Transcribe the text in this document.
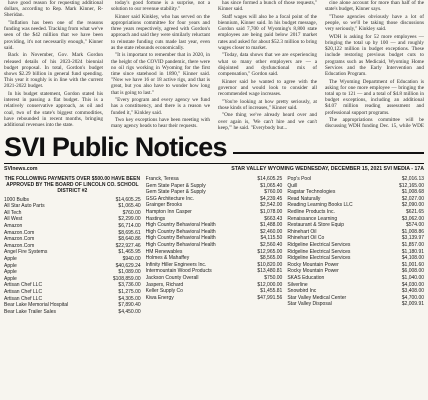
have good reason for requesting additional dollars, according to Rep. Mark Kinner, R-Sheridan.

"Inflation has been one of the reasons funding was needed. Tracking from what we've seen of the $42 million that we have been providing, it's not necessarily enough," Kinner said.

Back in November, Gov. Mark Gordon released details of his 2023-2024 biennial budget proposal. In total, Gordon's budget shows $2.29 billion in general fund spending. This year it roughly is in line with the current 2021-2022 budget.

In his budget statement, Gordon stated his interest in passing a flat budget. This is a relatively conservative approach, as oil and coal, two of the state's biggest commodities, have rebounded in recent months, bringing additional revenues into the state.

today's good fortune is a surprise, not a solution to our revenue stability."

Kinner said Kinkley, who has served on the appropriations committee for four years and three years respectively, agreed with Gordon's approach and said they were similarly reluctant to reinstate funding cuts made last year, even as the state rebounds economically.

"It is important to remember that in 2020, in the height of the COVID pandemic, there were no oil rigs working in Wyoming for the first time since statehood in 1890," Kinner said. "Now we have 16 or 18 active rigs, and that is great, but you also have to wonder how long that is going to last."

"Every program and every agency we fund has a constituency, and there is a reason we funded it," Kinkley said.

Two key exceptions have been meeting with many agency heads to hear their requests.

has since formed a bunch of those requests," Kinner said.

Staff wages will also be a focal point of the biennium, Kinner said. In his budget message, Gordon said 7,700 of Wyoming's 8,800 state employees are being paid below 2017 market rates and asked for about $52.3 million to bring wages closer to market.

"Today, data shows that we are experiencing what so many other employers are — a disjointed and dysfunctional mix of compensation," Gordon said.

Kinner said he wanted to agree with the governor and would look to consider all recommended wage increases.

"You're looking at how pretty seriously, at those kinds of increases," Kinner said.

"One thing we've already heard over and over again is, 'We can't hire and we can't keep,'" he said. "Everybody but...

cine alone account for more than half of the state's budget, Kinner says.

"Those agencies obviously have a lot of people, so we'll be taking those discussions very seriously," Kinkley said.

WDH is asking for 52 more employees — bringing the total up by 100 — and roughly $20,122 million in budget exceptions. These include restoring previous budget cuts to programs such as Medicaid, Wyoming Home Services and the Early Intervention and Education Program.

The Wyoming Department of Education is asking for one more employee — bringing the total up to 121 — and a total of $4.8 million in budget exceptions, including an additional $4.07 million reading assessment and professional support programs.

The appropriations committee will be discussing WDH funding Dec. 15, while WDE

SVI Public Notices
SVInews.com	STAR VALLEY WYOMING WEDNESDAY, DECEMBER 15, 2021 SVI MEDIA - 17A
THE FOLLOWING PAYMENTS OVER $500.00 HAVE BEEN
APPROVED BY THE BOARD OF LINCOLN CO. SCHOOL DISTRICT #2
1000 Bulbs	$14,605.25
All Star Auto Parts	$1,065.40
All Tech	$760.00
All West	$2,299.00
Amazon	$6,714.00
Amazon.Com	$8,695.61
Amazon.Com	$8,640.86
Amazon.Com	$22,927.46
Angel Fire Systems	$1,465.95
Apple	$940.00
Apple	$40,629.24
Apple	$1,089.00
Apple	$108,859.00
Artisan Chef LLC	$3,736.00
Artisan Chef LLC	$1,275.00
Artisan Chef LLC	$4,305.00
Bear Lake Memorial Hospital	$7,890.40
Bear Lake Trailer Sales	$4,450.00
Franck, Teresa	$14,605.25
Gem State Paper & Supply	$1,065.40
Gem State Paper & Supply	$760.00
GSG Architecture Inc.	$4,239.45
Grainger Brooks	$2,542.00
Hampton Inn Casper	$1,078.00
Hastings	$663.43
High Country Behavioral Health	$1,488.00
High Country Behavioral Health	$2,460.00
High Country Behavioral Health	$4,115.50
High Country Behavioral Health	$2,560.40
HM Renewables	$12,965.00
Holmes & Mahaffey	$8,565.00
Infinity Hiller Engineers Inc.	$10,820.00
Intermountain Wood Products	$13,480.81
Jackson County Overall	$750.00
Jaspers, Richard	$12,000.00
Keller Supply Co	$1,455.81
Kiwa Energy	$47,991.56
Pop's Pool	$2,016.13
Quill	$12,165.00
Ragstar Technologies	$1,008.68
Read Naturally	$2,027.00
Reading Learning Books LLC	$2,090.00
Redline Products Inc.	$621.65
Renaissance Learning	$3,062.00
Restaurant & Store Equip	$574.00
Rhinehart Oil	$1,008.86
Rhinehart Oil Co	$3,139.97
Ridgeline Electrical Services	$1,857.00
Ridgeline Electrical Services	$1,180.91
Ridgeline Electrical Services	$4,108.00
Rocky Mountain Power	$1,001.60
Rocky Mountain Power	$6,008.00
SKAS Education	$1,040.00
Silverline	$4,030.00
Snowbird Inc	$3,408.00
Star Valley Medical Center	$4,700.00
Star Valley Disposal	$2,009.91
